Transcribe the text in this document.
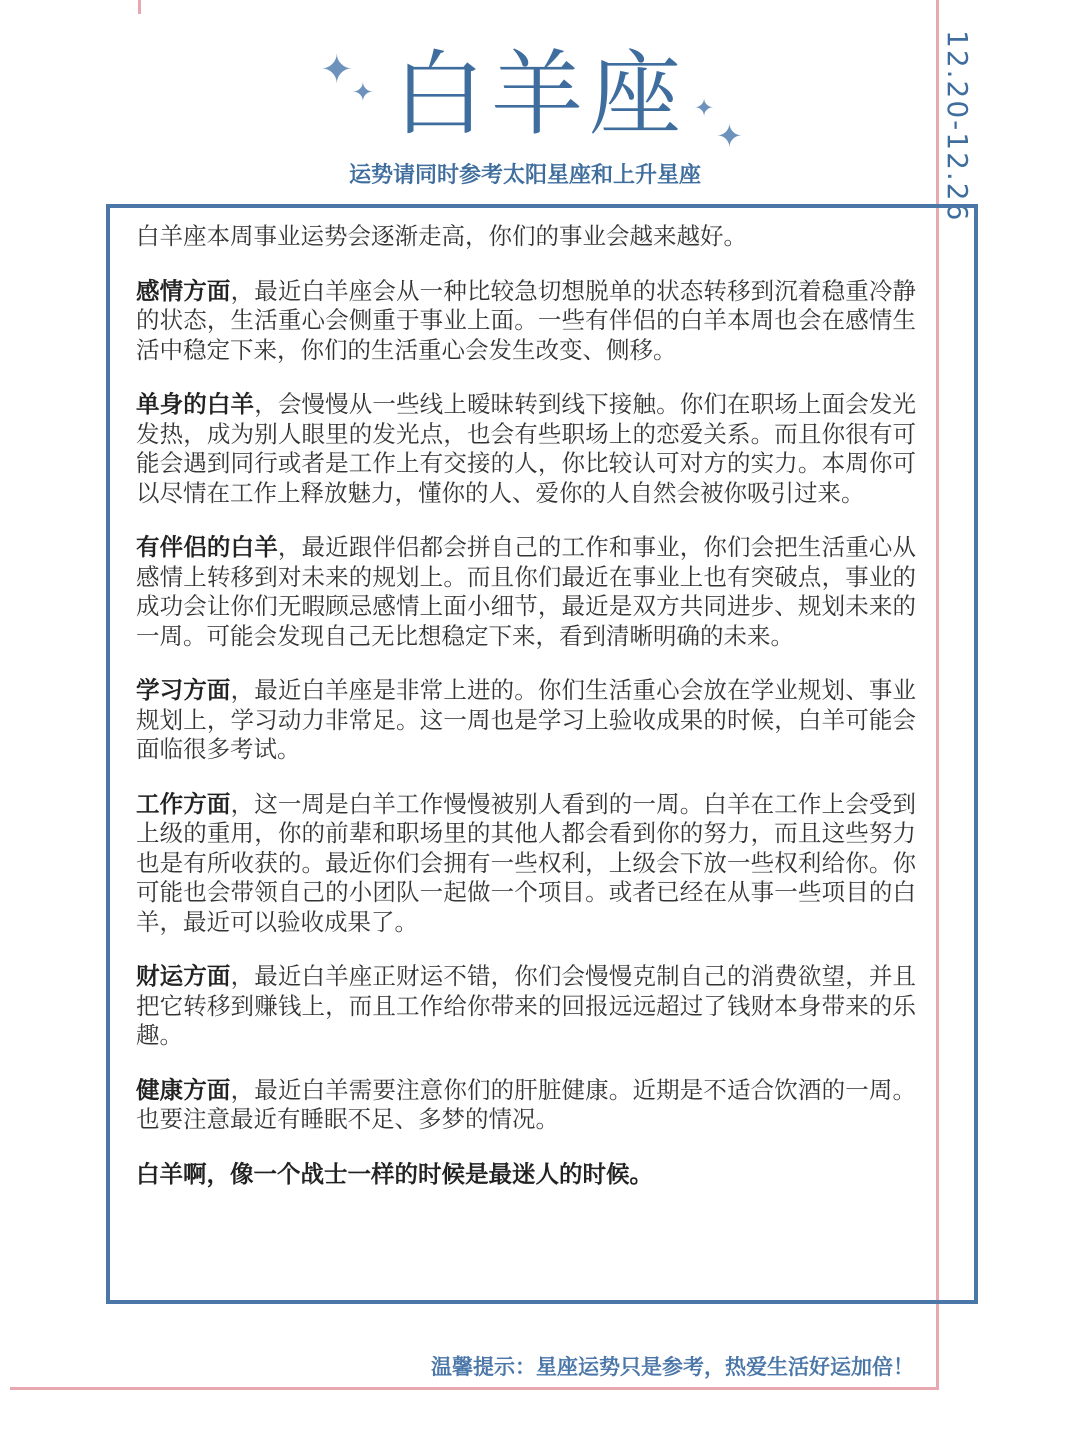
✦
✦	✦
✦
白羊座
运势请同时参考太阳星座和上升星座	12.20-12.26

白羊座本周事业运势会逐渐走高，你们的事业会越来越好。

感情方面，最近白羊座会从一种比较急切想脱单的状态转移到沉着稳重冷静的状态，生活重心会侧重于事业上面。一些有伴侣的白羊本周也会在感情生活中稳定下来，你们的生活重心会发生改变、侧移。

单身的白羊，会慢慢从一些线上暧昧转到线下接触。你们在职场上面会发光发热，成为别人眼里的发光点，也会有些职场上的恋爱关系。而且你很有可能会遇到同行或者是工作上有交接的人，你比较认可对方的实力。本周你可以尽情在工作上释放魅力，懂你的人、爱你的人自然会被你吸引过来。

有伴侣的白羊，最近跟伴侣都会拼自己的工作和事业，你们会把生活重心从感情上转移到对未来的规划上。而且你们最近在事业上也有突破点，事业的成功会让你们无暇顾忌感情上面小细节，最近是双方共同进步、规划未来的一周。可能会发现自己无比想稳定下来，看到清晰明确的未来。

学习方面，最近白羊座是非常上进的。你们生活重心会放在学业规划、事业规划上，学习动力非常足。这一周也是学习上验收成果的时候，白羊可能会面临很多考试。

工作方面，这一周是白羊工作慢慢被别人看到的一周。白羊在工作上会受到上级的重用，你的前辈和职场里的其他人都会看到你的努力，而且这些努力也是有所收获的。最近你们会拥有一些权利，上级会下放一些权利给你。你可能也会带领自己的小团队一起做一个项目。或者已经在从事一些项目的白羊，最近可以验收成果了。

财运方面，最近白羊座正财运不错，你们会慢慢克制自己的消费欲望，并且把它转移到赚钱上，而且工作给你带来的回报远远超过了钱财本身带来的乐趣。

健康方面，最近白羊需要注意你们的肝脏健康。近期是不适合饮酒的一周。也要注意最近有睡眠不足、多梦的情况。

白羊啊，像一个战士一样的时候是最迷人的时候。

温馨提示：星座运势只是参考，热爱生活好运加倍！
